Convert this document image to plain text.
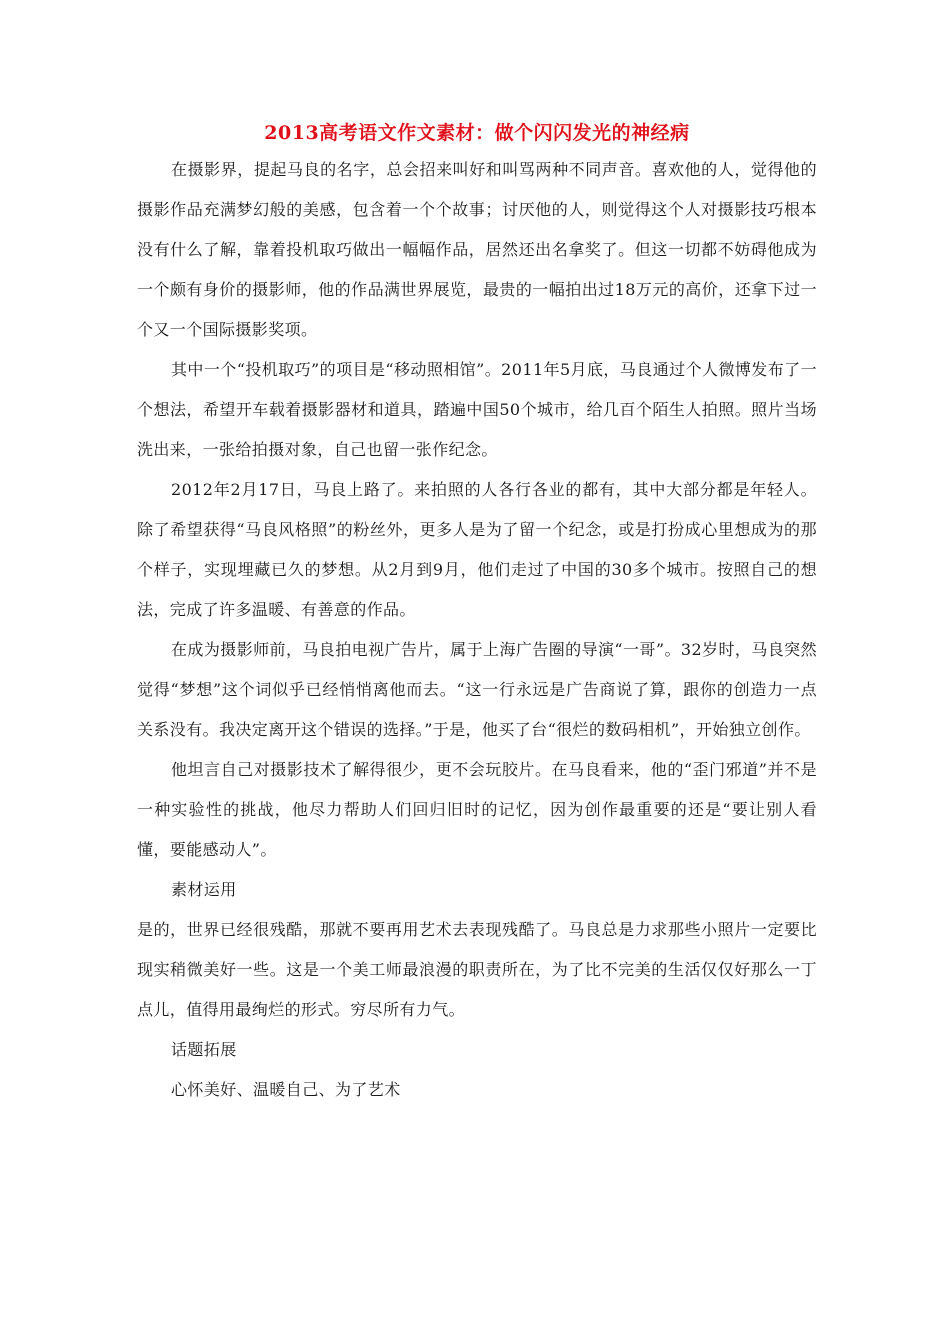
2013高考语文作文素材：做个闪闪发光的神经病

在摄影界，提起马良的名字，总会招来叫好和叫骂两种不同声音。喜欢他的人，觉得他的摄影作品充满梦幻般的美感，包含着一个个故事；讨厌他的人，则觉得这个人对摄影技巧根本没有什么了解，靠着投机取巧做出一幅幅作品，居然还出名拿奖了。但这一切都不妨碍他成为一个颇有身价的摄影师，他的作品满世界展览，最贵的一幅拍出过18万元的高价，还拿下过一个又一个国际摄影奖项。

其中一个“投机取巧”的项目是“移动照相馆”。2011年5月底，马良通过个人微博发布了一个想法，希望开车载着摄影器材和道具，踏遍中国50个城市，给几百个陌生人拍照。照片当场洗出来，一张给拍摄对象，自己也留一张作纪念。

2012年2月17日，马良上路了。来拍照的人各行各业的都有，其中大部分都是年轻人。除了希望获得“马良风格照”的粉丝外，更多人是为了留一个纪念，或是打扮成心里想成为的那个样子，实现埋藏已久的梦想。从2月到9月，他们走过了中国的30多个城市。按照自己的想法，完成了许多温暖、有善意的作品。

在成为摄影师前，马良拍电视广告片，属于上海广告圈的导演“一哥”。32岁时，马良突然觉得“梦想”这个词似乎已经悄悄离他而去。“这一行永远是广告商说了算，跟你的创造力一点关系没有。我决定离开这个错误的选择。”于是，他买了台“很烂的数码相机”，开始独立创作。

他坦言自己对摄影技术了解得很少，更不会玩胶片。在马良看来，他的“歪门邪道”并不是一种实验性的挑战，他尽力帮助人们回归旧时的记忆，因为创作最重要的还是“要让别人看懂，要能感动人”。

素材运用

是的，世界已经很残酷，那就不要再用艺术去表现残酷了。马良总是力求那些小照片一定要比现实稍微美好一些。这是一个美工师最浪漫的职责所在，为了比不完美的生活仅仅好那么一丁点儿，值得用最绚烂的形式。穷尽所有力气。

话题拓展

心怀美好、温暖自己、为了艺术
